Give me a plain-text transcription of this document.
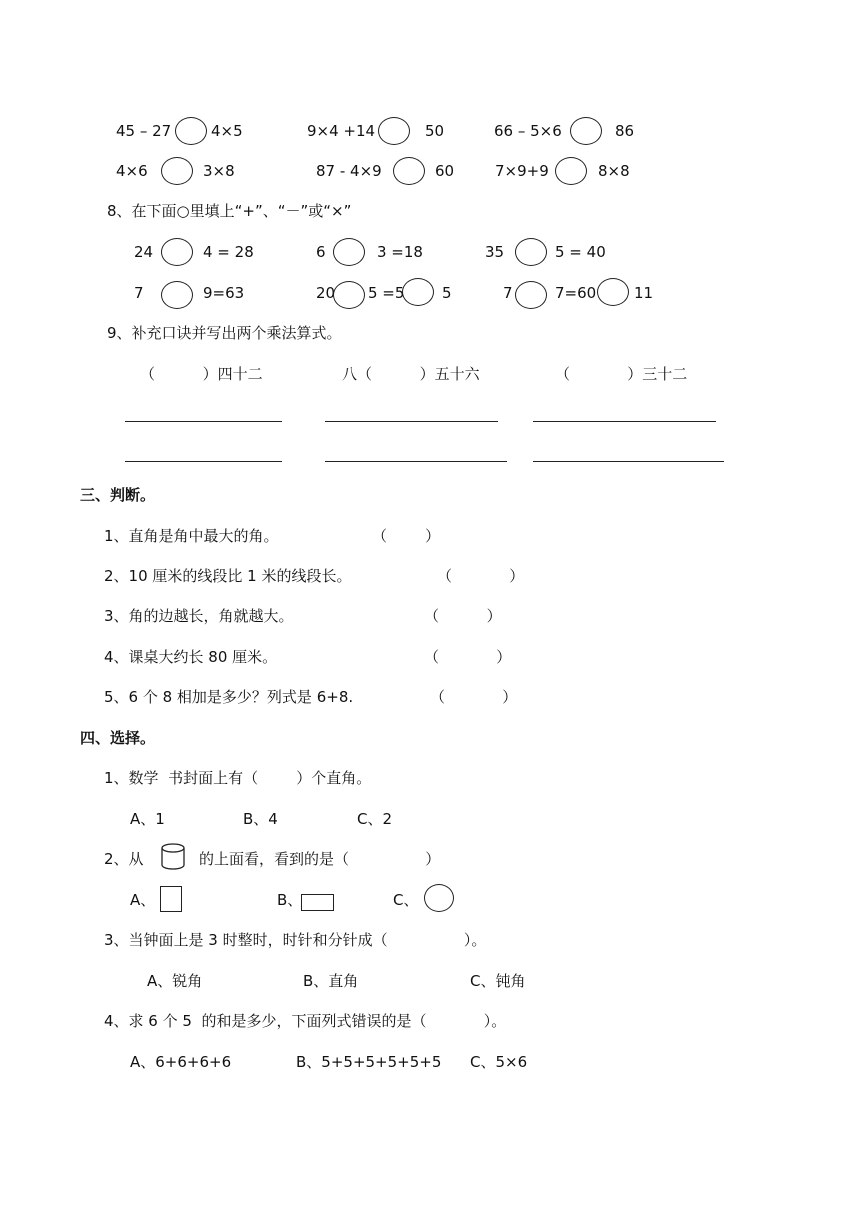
45 – 27	4×5	9×4 +14	50	66 – 5×6	86
4×6	3×8	87 - 4×9	60	7×9+9	8×8
8、在下面○里填上“+”、“－”或“×”
24	4 = 28	6	3 =18	35	5 = 40
7	9=63	20 5 =5	5	7	7=60	11
9、补充口诀并写出两个乘法算式。
（          ）四十二	八（          ）五十六	（            ）三十二
三、判断。
1、直角是角中最大的角。	（        ）
2、10 厘米的线段比 1 米的线段长。	（            ）
3、角的边越长，角就越大。	（          ）
4、课桌大约长 80 厘米。	（            ）
5、6 个 8 相加是多少？列式是 6+8.	（            ）
四、选择。
1、数学  书封面上有（        ）个直角。
A、1	B、4	C、2
2、从	的上面看，看到的是（                ）
A、	B、	C、
3、当钟面上是 3 时整时，时针和分针成（                ）。
A、锐角	B、直角	C、钝角
4、求 6 个 5  的和是多少，下面列式错误的是（            ）。
A、6+6+6+6	B、5+5+5+5+5+5 C、5×6
